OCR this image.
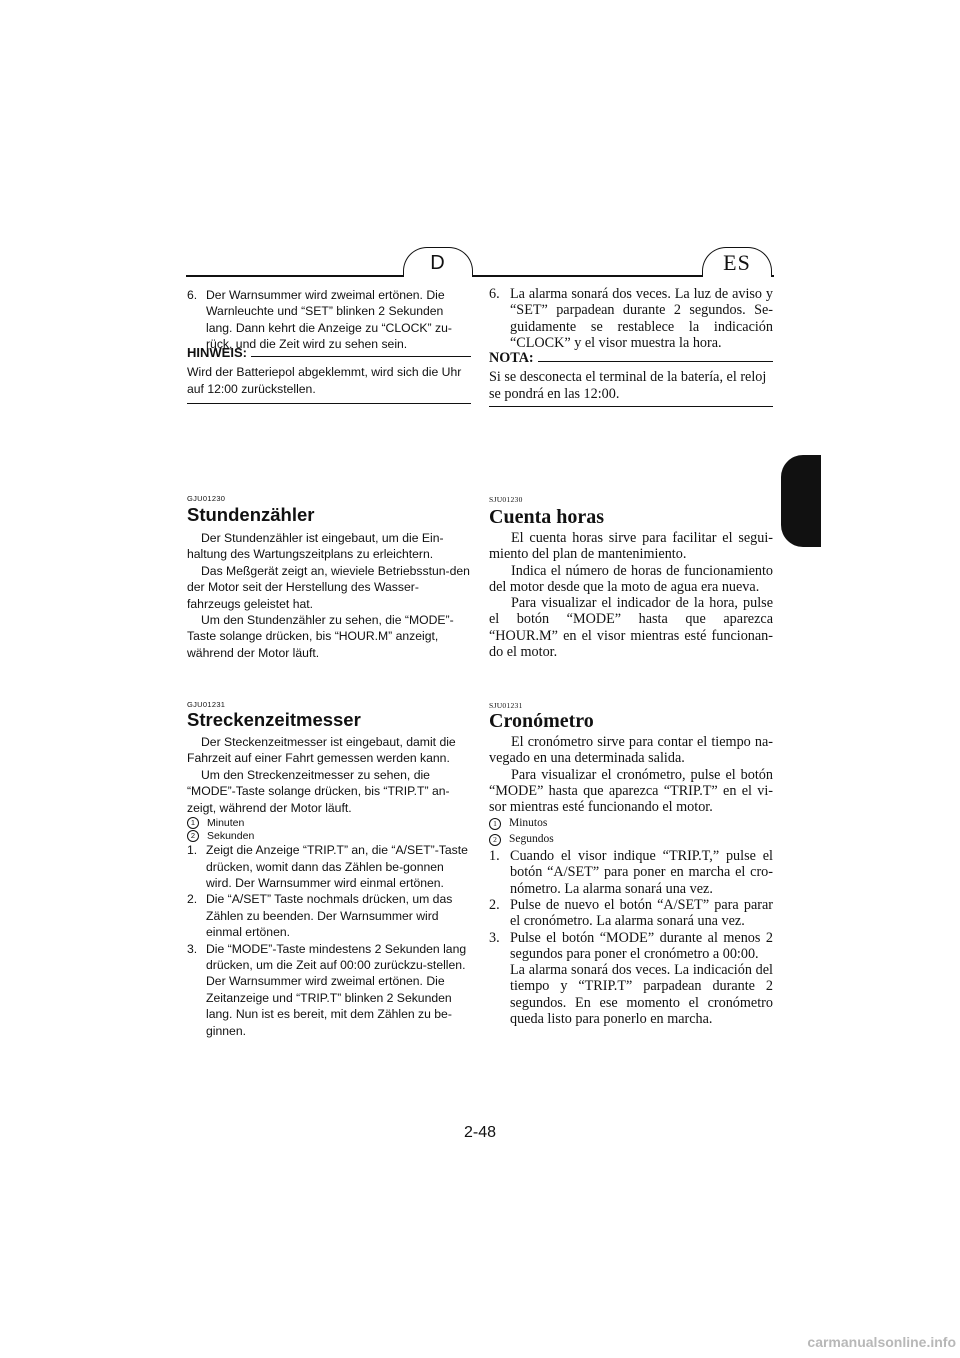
D	ES
6. Der Warnsummer wird zweimal ertönen. Die Warnleuchte und “SET” blinken 2 Sekunden lang. Dann kehrt die Anzeige zu “CLOCK” zu-rück, und die Zeit wird zu sehen sein.
HINWEIS:

Wird der Batteriepol abgeklemmt, wird sich die Uhr auf 12:00 zurückstellen.

GJU01230
Stundenzähler

Der Stundenzähler ist eingebaut, um die Ein-haltung des Wartungszeitplans zu erleichtern.

Das Meßgerät zeigt an, wieviele Betriebsstun-den der Motor seit der Herstellung des Wasser-fahrzeugs geleistet hat.

Um den Stundenzähler zu sehen, die “MODE”-Taste solange drücken, bis “HOUR.M” anzeigt, während der Motor läuft.

GJU01231
Streckenzeitmesser

Der Steckenzeitmesser ist eingebaut, damit die Fahrzeit auf einer Fahrt gemessen werden kann.

Um den Streckenzeitmesser zu sehen, die “MODE”-Taste solange drücken, bis “TRIP.T” an-zeigt, während der Motor läuft.

1	Minuten
2	Sekunden
1. Zeigt die Anzeige “TRIP.T” an, die “A/SET”-Taste drücken, womit dann das Zählen be-gonnen wird. Der Warnsummer wird einmal ertönen.
2. Die “A/SET” Taste nochmals drücken, um das Zählen zu beenden. Der Warnsummer wird einmal ertönen.
3. Die “MODE”-Taste mindestens 2 Sekunden lang drücken, um die Zeit auf 00:00 zurückzu-stellen.
Der Warnsummer wird zweimal ertönen. Die Zeitanzeige und “TRIP.T” blinken 2 Sekunden lang. Nun ist es bereit, mit dem Zählen zu be-ginnen.
6. La alarma sonará dos veces. La luz de aviso y “SET” parpadean durante 2 segundos. Se-guidamente se restablece la indicación “CLOCK” y el visor muestra la hora.
NOTA:

Si se desconecta el terminal de la batería, el reloj se pondrá en las 12:00.

SJU01230
Cuenta horas

El cuenta horas sirve para facilitar el segui-miento del plan de mantenimiento.

Indica el número de horas de funcionamiento del motor desde que la moto de agua era nueva.

Para visualizar el indicador de la hora, pulse el botón “MODE” hasta que aparezca “HOUR.M” en el visor mientras esté funcionan-do el motor.

SJU01231
Cronómetro

El cronómetro sirve para contar el tiempo na-vegado en una determinada salida.

Para visualizar el cronómetro, pulse el botón “MODE” hasta que aparezca “TRIP.T” en el vi-sor mientras esté funcionando el motor.

1	Minutos
2	Segundos
1. Cuando el visor indique “TRIP.T,” pulse el botón “A/SET” para poner en marcha el cro-nómetro. La alarma sonará una vez.
2. Pulse de nuevo el botón “A/SET” para parar el cronómetro. La alarma sonará una vez.
3. Pulse el botón “MODE” durante al menos 2 segundos para poner el cronómetro a 00:00.
La alarma sonará dos veces. La indicación del tiempo y “TRIP.T” parpadean durante 2 segundos. En ese momento el cronómetro queda listo para ponerlo en marcha.
2-48
carmanualsonline.info
